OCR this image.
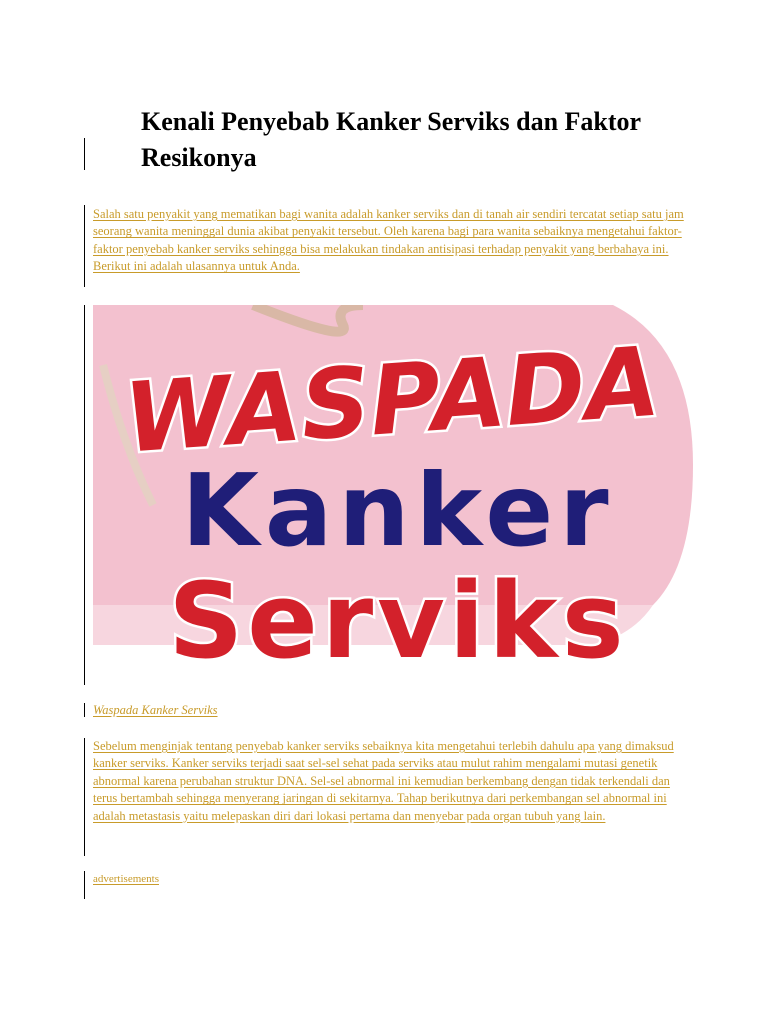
Kenali Penyebab Kanker Serviks dan Faktor Resikonya

Salah satu penyakit yang mematikan bagi wanita adalah kanker serviks dan di tanah air sendiri tercatat setiap satu jam seorang wanita meninggal dunia akibat penyakit tersebut. Oleh karena bagi para wanita sebaiknya mengetahui faktor-faktor penyebab kanker serviks sehingga bisa melakukan tindakan antisipasi terhadap penyakit yang berbahaya ini. Berikut ini adalah ulasannya untuk Anda.

WASPADA
Kanker
Serviks

Waspada Kanker Serviks

Sebelum menginjak tentang penyebab kanker serviks sebaiknya kita mengetahui terlebih dahulu apa yang dimaksud kanker serviks. Kanker serviks terjadi saat sel-sel sehat pada serviks atau mulut rahim mengalami mutasi genetik abnormal karena perubahan struktur DNA. Sel-sel abnormal ini kemudian berkembang dengan tidak terkendali dan terus bertambah sehingga menyerang jaringan di sekitarnya. Tahap berikutnya dari perkembangan sel abnormal ini adalah metastasis yaitu melepaskan diri dari lokasi pertama dan menyebar pada organ tubuh yang lain.

advertisements
